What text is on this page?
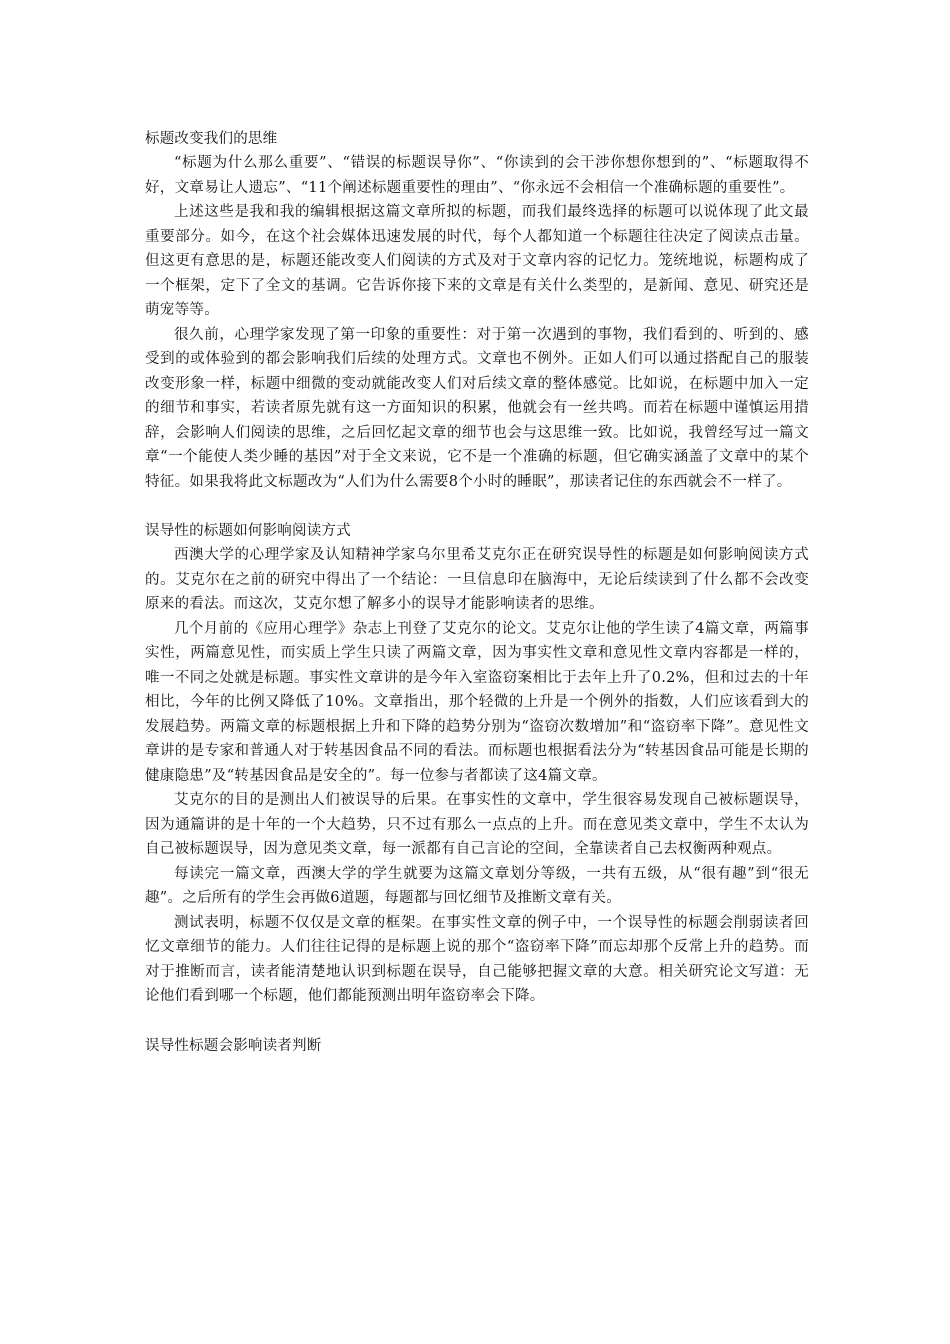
标题改变我们的思维

“标题为什么那么重要”、“错误的标题误导你”、“你读到的会干涉你想你想到的”、“标题取得不好，文章易让人遗忘”、“11个阐述标题重要性的理由”、“你永远不会相信一个准确标题的重要性”。

上述这些是我和我的编辑根据这篇文章所拟的标题，而我们最终选择的标题可以说体现了此文最重要部分。如今，在这个社会媒体迅速发展的时代，每个人都知道一个标题往往决定了阅读点击量。但这更有意思的是，标题还能改变人们阅读的方式及对于文章内容的记忆力。笼统地说，标题构成了一个框架，定下了全文的基调。它告诉你接下来的文章是有关什么类型的，是新闻、意见、研究还是萌宠等等。

很久前，心理学家发现了第一印象的重要性：对于第一次遇到的事物，我们看到的、听到的、感受到的或体验到的都会影响我们后续的处理方式。文章也不例外。正如人们可以通过搭配自己的服装改变形象一样，标题中细微的变动就能改变人们对后续文章的整体感觉。比如说，在标题中加入一定的细节和事实，若读者原先就有这一方面知识的积累，他就会有一丝共鸣。而若在标题中谨慎运用措辞，会影响人们阅读的思维，之后回忆起文章的细节也会与这思维一致。比如说，我曾经写过一篇文章“一个能使人类少睡的基因”对于全文来说，它不是一个准确的标题，但它确实涵盖了文章中的某个特征。如果我将此文标题改为“人们为什么需要8个小时的睡眠”，那读者记住的东西就会不一样了。

误导性的标题如何影响阅读方式

西澳大学的心理学家及认知精神学家乌尔里希艾克尔正在研究误导性的标题是如何影响阅读方式的。艾克尔在之前的研究中得出了一个结论：一旦信息印在脑海中，无论后续读到了什么都不会改变原来的看法。而这次，艾克尔想了解多小的误导才能影响读者的思维。

几个月前的《应用心理学》杂志上刊登了艾克尔的论文。艾克尔让他的学生读了4篇文章，两篇事实性，两篇意见性，而实质上学生只读了两篇文章，因为事实性文章和意见性文章内容都是一样的，唯一不同之处就是标题。事实性文章讲的是今年入室盗窃案相比于去年上升了0.2%，但和过去的十年相比，今年的比例又降低了10%。文章指出，那个轻微的上升是一个例外的指数，人们应该看到大的发展趋势。两篇文章的标题根据上升和下降的趋势分别为“盗窃次数增加”和“盗窃率下降”。意见性文章讲的是专家和普通人对于转基因食品不同的看法。而标题也根据看法分为“转基因食品可能是长期的健康隐患”及“转基因食品是安全的”。每一位参与者都读了这4篇文章。

艾克尔的目的是测出人们被误导的后果。在事实性的文章中，学生很容易发现自己被标题误导，因为通篇讲的是十年的一个大趋势，只不过有那么一点点的上升。而在意见类文章中，学生不太认为自己被标题误导，因为意见类文章，每一派都有自己言论的空间，全靠读者自己去权衡两种观点。

每读完一篇文章，西澳大学的学生就要为这篇文章划分等级，一共有五级，从“很有趣”到“很无趣”。之后所有的学生会再做6道题，每题都与回忆细节及推断文章有关。

测试表明，标题不仅仅是文章的框架。在事实性文章的例子中，一个误导性的标题会削弱读者回忆文章细节的能力。人们往往记得的是标题上说的那个“盗窃率下降”而忘却那个反常上升的趋势。而对于推断而言，读者能清楚地认识到标题在误导，自己能够把握文章的大意。相关研究论文写道：无论他们看到哪一个标题，他们都能预测出明年盗窃率会下降。

误导性标题会影响读者判断
